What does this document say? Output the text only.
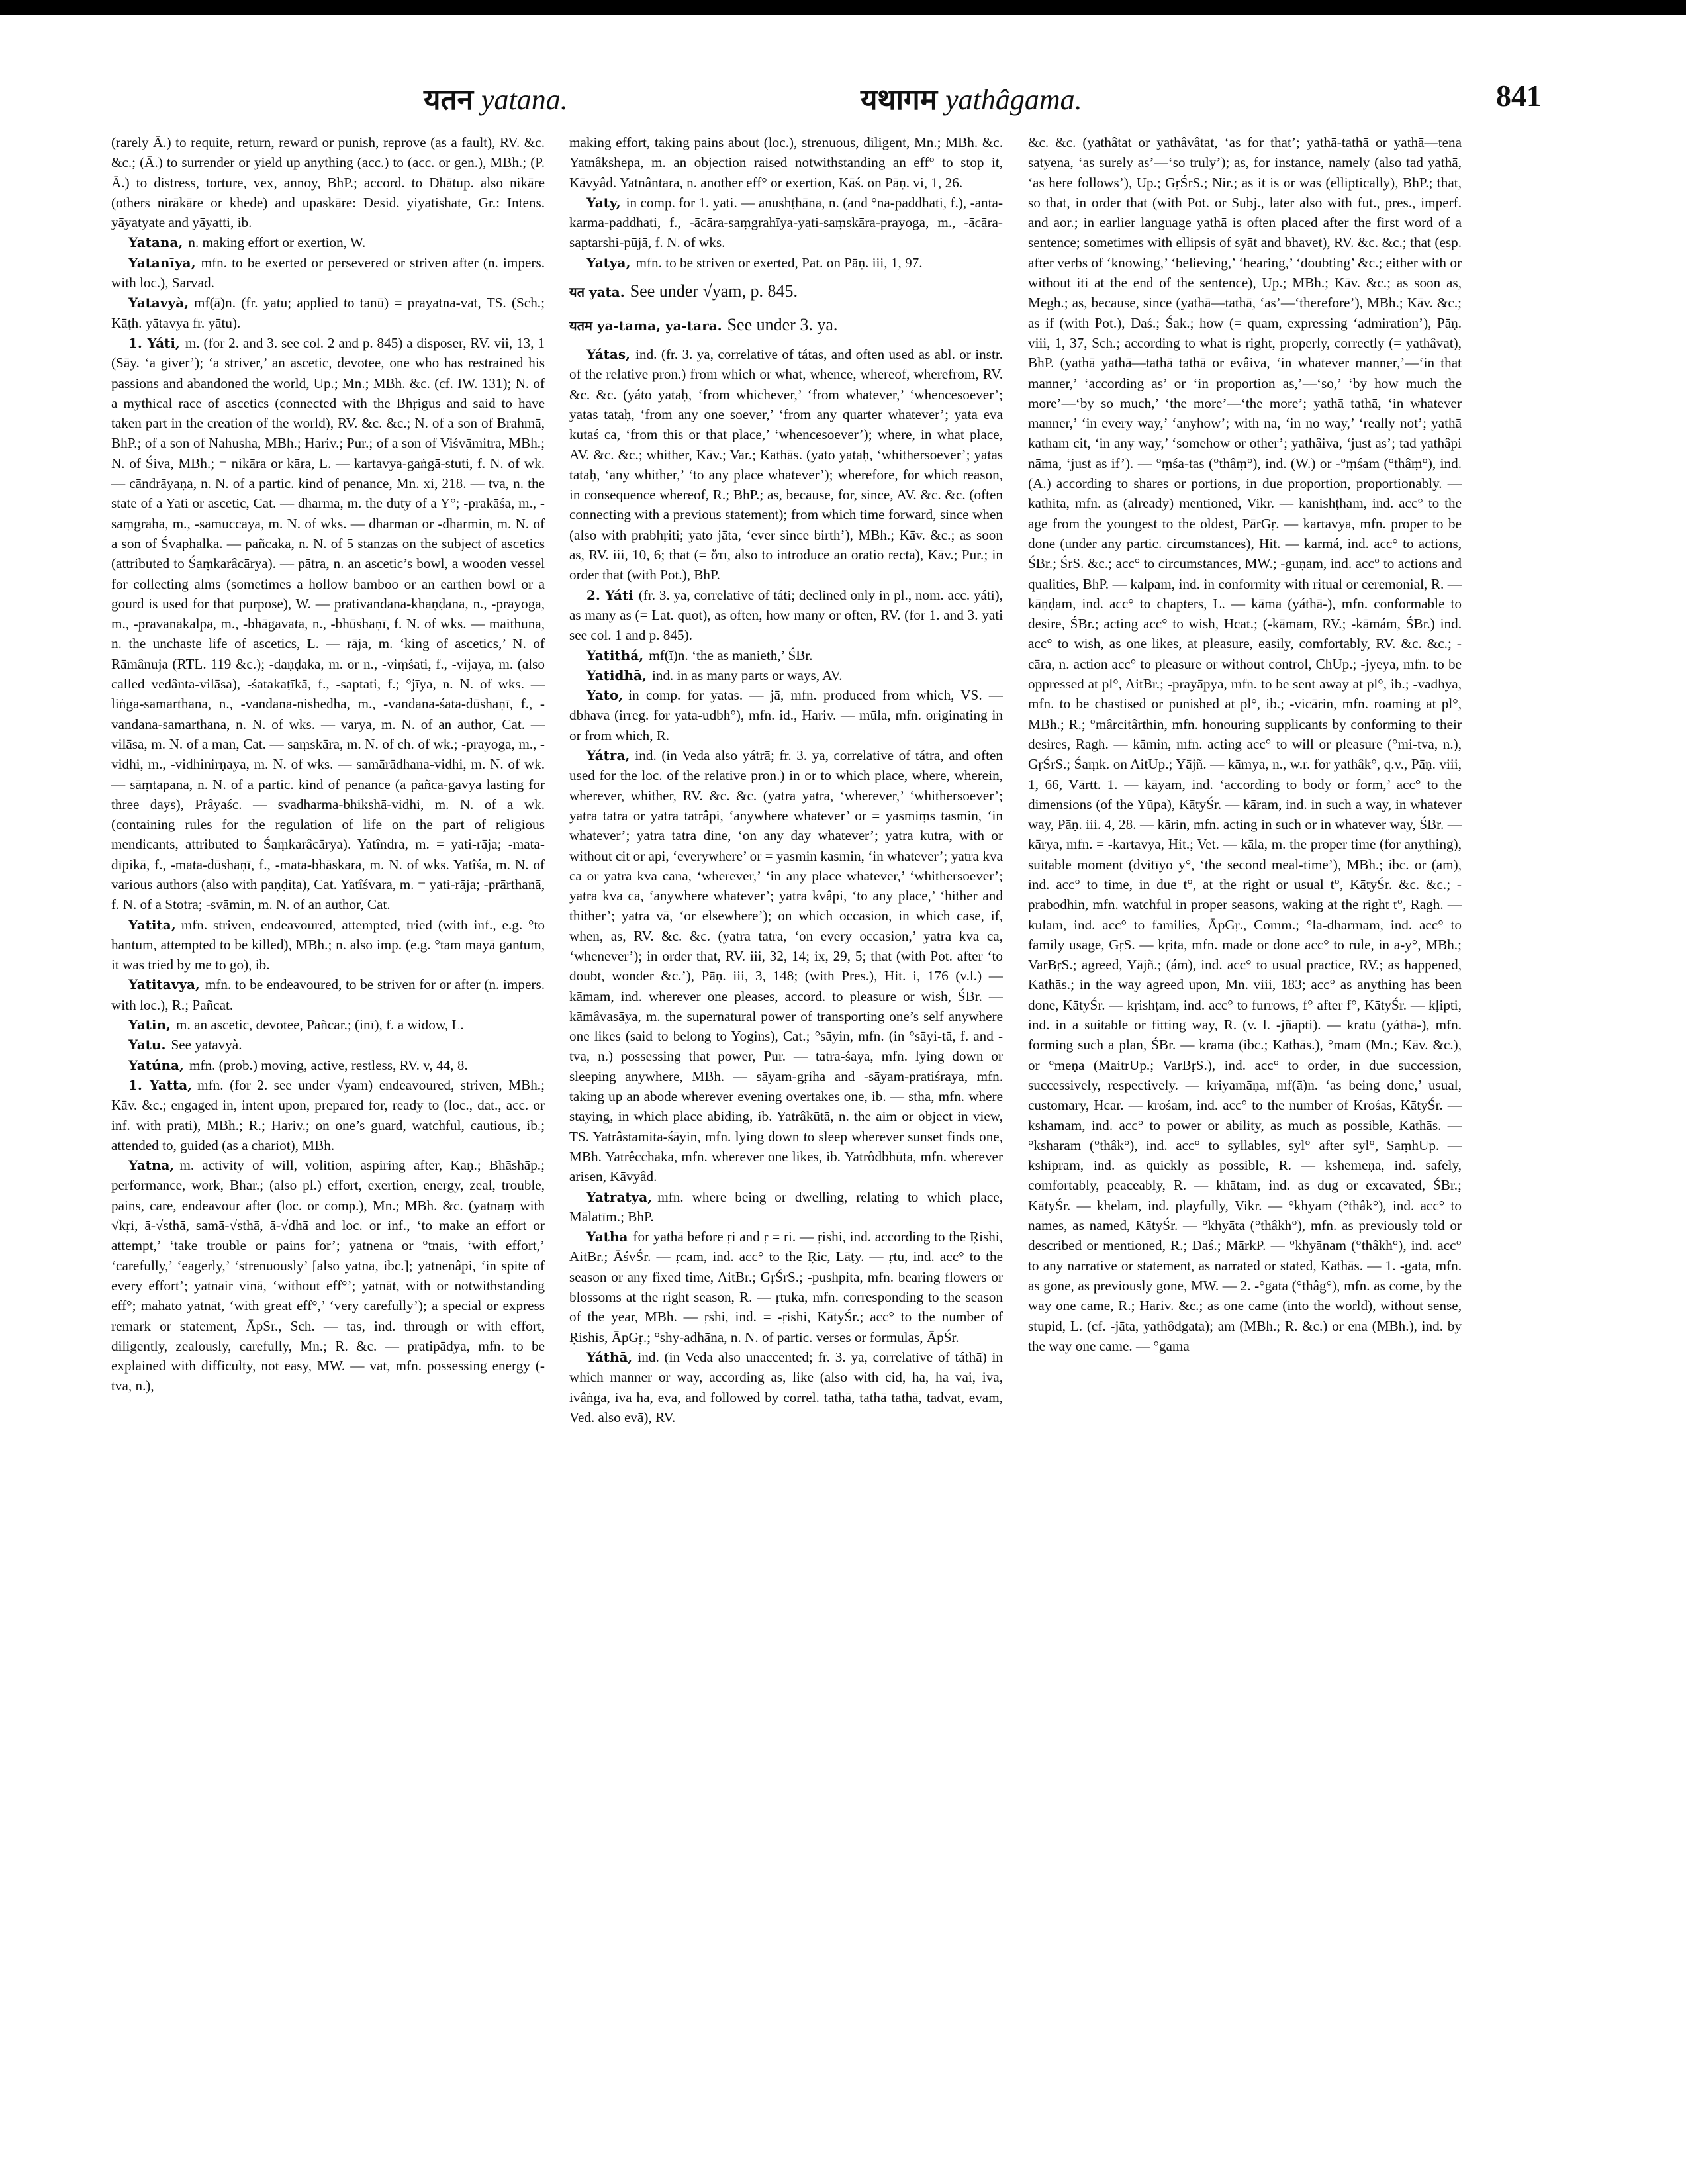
यतन yatana.	यथागम yathâgama.	841

(rarely Ā.) to requite, return, reward or punish, reprove (as a fault), RV. &c. &c.; (Ā.) to surrender or yield up anything (acc.) to (acc. or gen.), MBh.; (P. Ā.) to distress, torture, vex, annoy, BhP.; accord. to Dhātup. also nikāre (others nirākāre or khede) and upaskāre: Desid. yiyatishate, Gr.: Intens. yāyatyate and yāyatti, ib.

Yatana, n. making effort or exertion, W.

Yatanīya, mfn. to be exerted or persevered or striven after (n. impers. with loc.), Sarvad.

Yatavyà, mf(ā)n. (fr. yatu; applied to tanū) = prayatna-vat, TS. (Sch.; Kāṭh. yātavya fr. yātu).

1. Yáti, m. (for 2. and 3. see col. 2 and p. 845) a disposer, RV. vii, 13, 1 (Sāy. ‘a giver’); ‘a striver,’ an ascetic, devotee, one who has restrained his passions and abandoned the world, Up.; Mn.; MBh. &c. (cf. IW. 131); N. of a mythical race of ascetics (connected with the Bhṛigus and said to have taken part in the creation of the world), RV. &c. &c.; N. of a son of Brahmā, BhP.; of a son of Nahusha, MBh.; Hariv.; Pur.; of a son of Viśvāmitra, MBh.; N. of Śiva, MBh.; = nikāra or kāra, L. — kartavya-gaṅgā-stuti, f. N. of wk. — cāndrāyaṇa, n. N. of a partic. kind of penance, Mn. xi, 218. — tva, n. the state of a Yati or ascetic, Cat. — dharma, m. the duty of a Y°; -prakāśa, m., -saṃgraha, m., -samuccaya, m. N. of wks. — dharman or -dharmin, m. N. of a son of Śvaphalka. — pañcaka, n. N. of 5 stanzas on the subject of ascetics (attributed to Śaṃkarâcārya). — pātra, n. an ascetic’s bowl, a wooden vessel for collecting alms (sometimes a hollow bamboo or an earthen bowl or a gourd is used for that purpose), W. — prativandana-khaṇḍana, n., -prayoga, m., -pravanakalpa, m., -bhāgavata, n., -bhūshaṇī, f. N. of wks. — maithuna, n. the unchaste life of ascetics, L. — rāja, m. ‘king of ascetics,’ N. of Rāmânuja (RTL. 119 &c.); -daṇḍaka, m. or n., -viṃśati, f., -vijaya, m. (also called vedânta-vilāsa), -śatakaṭīkā, f., -saptati, f.; °jīya, n. N. of wks. — liṅga-samarthana, n., -vandana-nishedha, m., -vandana-śata-dūshaṇī, f., -vandana-samarthana, n. N. of wks. — varya, m. N. of an author, Cat. — vilāsa, m. N. of a man, Cat. — saṃskāra, m. N. of ch. of wk.; -prayoga, m., -vidhi, m., -vidhinirṇaya, m. N. of wks. — samārādhana-vidhi, m. N. of wk. — sāṃtapana, n. N. of a partic. kind of penance (a pañca-gavya lasting for three days), Prâyaśc. — svadharma-bhikshā-vidhi, m. N. of a wk. (containing rules for the regulation of life on the part of religious mendicants, attributed to Śaṃkarâcārya). Yatîndra, m. = yati-rāja; -mata-dīpikā, f., -mata-dūshaṇī, f., -mata-bhāskara, m. N. of wks. Yatîśa, m. N. of various authors (also with paṇḍita), Cat. Yatîśvara, m. = yati-rāja; -prārthanā, f. N. of a Stotra; -svāmin, m. N. of an author, Cat.

Yatita, mfn. striven, endeavoured, attempted, tried (with inf., e.g. °to hantum, attempted to be killed), MBh.; n. also imp. (e.g. °tam mayā gantum, it was tried by me to go), ib.

Yatitavya, mfn. to be endeavoured, to be striven for or after (n. impers. with loc.), R.; Pañcat.

Yatin, m. an ascetic, devotee, Pañcar.; (inī), f. a widow, L.

Yatu. See yatavyà.

Yatúna, mfn. (prob.) moving, active, restless, RV. v, 44, 8.

1. Yatta, mfn. (for 2. see under √yam) endeavoured, striven, MBh.; Kāv. &c.; engaged in, intent upon, prepared for, ready to (loc., dat., acc. or inf. with prati), MBh.; R.; Hariv.; on one’s guard, watchful, cautious, ib.; attended to, guided (as a chariot), MBh.

Yatna, m. activity of will, volition, aspiring after, Kaṇ.; Bhāshāp.; performance, work, Bhar.; (also pl.) effort, exertion, energy, zeal, trouble, pains, care, endeavour after (loc. or comp.), Mn.; MBh. &c. (yatnaṃ with √kṛi, ā-√sthā, samā-√sthā, ā-√dhā and loc. or inf., ‘to make an effort or attempt,’ ‘take trouble or pains for’; yatnena or °tnais, ‘with effort,’ ‘carefully,’ ‘eagerly,’ ‘strenuously’ [also yatna, ibc.]; yatnenâpi, ‘in spite of every effort’; yatnair vinā, ‘without eff°’; yatnāt, with or notwithstanding eff°; mahato yatnāt, ‘with great eff°,’ ‘very carefully’); a special or express remark or statement, ĀpSr., Sch. — tas, ind. through or with effort, diligently, zealously, carefully, Mn.; R. &c. — pratipādya, mfn. to be explained with difficulty, not easy, MW. — vat, mfn. possessing energy (-tva, n.),

making effort, taking pains about (loc.), strenuous, diligent, Mn.; MBh. &c. Yatnâkshepa, m. an objection raised notwithstanding an eff° to stop it, Kāvyâd. Yatnântara, n. another eff° or exertion, Kāś. on Pāṇ. vi, 1, 26.

Yaty, in comp. for 1. yati. — anushṭhāna, n. (and °na-paddhati, f.), -anta-karma-paddhati, f., -ācāra-saṃgrahīya-yati-saṃskāra-prayoga, m., -ācāra-saptarshi-pūjā, f. N. of wks.

Yatya, mfn. to be striven or exerted, Pat. on Pāṇ. iii, 1, 97.

यत yata. See under √yam, p. 845.

यतम ya-tama, ya-tara. See under 3. ya.

Yátas, ind. (fr. 3. ya, correlative of tátas, and often used as abl. or instr. of the relative pron.) from which or what, whence, whereof, wherefrom, RV. &c. &c. (yáto yataḥ, ‘from whichever,’ ‘from whatever,’ ‘whencesoever’; yatas tataḥ, ‘from any one soever,’ ‘from any quarter whatever’; yata eva kutaś ca, ‘from this or that place,’ ‘whencesoever’); where, in what place, AV. &c. &c.; whither, Kāv.; Var.; Kathās. (yato yataḥ, ‘whithersoever’; yatas tataḥ, ‘any whither,’ ‘to any place whatever’); wherefore, for which reason, in consequence whereof, R.; BhP.; as, because, for, since, AV. &c. &c. (often connecting with a previous statement); from which time forward, since when (also with prabhṛiti; yato jāta, ‘ever since birth’), MBh.; Kāv. &c.; as soon as, RV. iii, 10, 6; that (= ὅτι, also to introduce an oratio recta), Kāv.; Pur.; in order that (with Pot.), BhP.

2. Yáti (fr. 3. ya, correlative of táti; declined only in pl., nom. acc. yáti), as many as (= Lat. quot), as often, how many or often, RV. (for 1. and 3. yati see col. 1 and p. 845).

Yatithá, mf(ī)n. ‘the as manieth,’ ŚBr.

Yatidhā, ind. in as many parts or ways, AV.

Yato, in comp. for yatas. — jā, mfn. produced from which, VS. — dbhava (irreg. for yata-udbh°), mfn. id., Hariv. — mūla, mfn. originating in or from which, R.

Yátra, ind. (in Veda also yátrā; fr. 3. ya, correlative of tátra, and often used for the loc. of the relative pron.) in or to which place, where, wherein, wherever, whither, RV. &c. &c. (yatra yatra, ‘wherever,’ ‘whithersoever’; yatra tatra or yatra tatrâpi, ‘anywhere whatever’ or = yasmiṃs tasmin, ‘in whatever’; yatra tatra dine, ‘on any day whatever’; yatra kutra, with or without cit or api, ‘everywhere’ or = yasmin kasmin, ‘in whatever’; yatra kva ca or yatra kva cana, ‘wherever,’ ‘in any place whatever,’ ‘whithersoever’; yatra kva ca, ‘anywhere whatever’; yatra kvâpi, ‘to any place,’ ‘hither and thither’; yatra vā, ‘or elsewhere’); on which occasion, in which case, if, when, as, RV. &c. &c. (yatra tatra, ‘on every occasion,’ yatra kva ca, ‘whenever’); in order that, RV. iii, 32, 14; ix, 29, 5; that (with Pot. after ‘to doubt, wonder &c.’), Pāṇ. iii, 3, 148; (with Pres.), Hit. i, 176 (v.l.) — kāmam, ind. wherever one pleases, accord. to pleasure or wish, ŚBr. — kāmâvasāya, m. the supernatural power of transporting one’s self anywhere one likes (said to belong to Yogins), Cat.; °sāyin, mfn. (in °sāyi-tā, f. and -tva, n.) possessing that power, Pur. — tatra-śaya, mfn. lying down or sleeping anywhere, MBh. — sāyam-gṛiha and -sāyam-pratiśraya, mfn. taking up an abode wherever evening overtakes one, ib. — stha, mfn. where staying, in which place abiding, ib. Yatrâkūtā, n. the aim or object in view, TS. Yatrâstamita-śāyin, mfn. lying down to sleep wherever sunset finds one, MBh. Yatrêcchaka, mfn. wherever one likes, ib. Yatrôdbhūta, mfn. wherever arisen, Kāvyâd.

Yatratya, mfn. where being or dwelling, relating to which place, Mālatīm.; BhP.

Yatha for yathā before ṛi and ṛ = ri. — ṛishi, ind. according to the Ṛishi, AitBr.; ĀśvŚr. — ṛcam, ind. acc° to the Ṛic, Lāṭy. — ṛtu, ind. acc° to the season or any fixed time, AitBr.; GṛŚrS.; -pushpita, mfn. bearing flowers or blossoms at the right season, R. — ṛtuka, mfn. corresponding to the season of the year, MBh. — ṛshi, ind. = -ṛishi, KātyŚr.; acc° to the number of Ṛishis, ĀpGṛ.; °shy-adhāna, n. N. of partic. verses or formulas, ĀpŚr.

Yáthā, ind. (in Veda also unaccented; fr. 3. ya, correlative of táthā) in which manner or way, according as, like (also with cid, ha, ha vai, iva, ivâṅga, iva ha, eva, and followed by correl. tathā, tathā tathā, tadvat, evam, Ved. also evā), RV.

&c. &c. (yathâtat or yathâvâtat, ‘as for that’; yathā-tathā or yathā—tena satyena, ‘as surely as’—‘so truly’); as, for instance, namely (also tad yathā, ‘as here follows’), Up.; GṛŚrS.; Nir.; as it is or was (elliptically), BhP.; that, so that, in order that (with Pot. or Subj., later also with fut., pres., imperf. and aor.; in earlier language yathā is often placed after the first word of a sentence; sometimes with ellipsis of syāt and bhavet), RV. &c. &c.; that (esp. after verbs of ‘knowing,’ ‘believing,’ ‘hearing,’ ‘doubting’ &c.; either with or without iti at the end of the sentence), Up.; MBh.; Kāv. &c.; as soon as, Megh.; as, because, since (yathā—tathā, ‘as’—‘therefore’), MBh.; Kāv. &c.; as if (with Pot.), Daś.; Śak.; how (= quam, expressing ‘admiration’), Pāṇ. viii, 1, 37, Sch.; according to what is right, properly, correctly (= yathâvat), BhP. (yathā yathā—tathā tathā or evâiva, ‘in whatever manner,’—‘in that manner,’ ‘according as’ or ‘in proportion as,’—‘so,’ ‘by how much the more’—‘by so much,’ ‘the more’—‘the more’; yathā tathā, ‘in whatever manner,’ ‘in every way,’ ‘anyhow’; with na, ‘in no way,’ ‘really not’; yathā katham cit, ‘in any way,’ ‘somehow or other’; yathâiva, ‘just as’; tad yathâpi nāma, ‘just as if’). — °ṃśa-tas (°thâṃ°), ind. (W.) or -°ṃśam (°thâṃ°), ind. (A.) according to shares or portions, in due proportion, proportionably. — kathita, mfn. as (already) mentioned, Vikr. — kanishṭham, ind. acc° to the age from the youngest to the oldest, PārGṛ. — kartavya, mfn. proper to be done (under any partic. circumstances), Hit. — karmá, ind. acc° to actions, ŚBr.; ŚrS. &c.; acc° to circumstances, MW.; -guṇam, ind. acc° to actions and qualities, BhP. — kalpam, ind. in conformity with ritual or ceremonial, R. — kāṇḍam, ind. acc° to chapters, L. — kāma (yáthā-), mfn. conformable to desire, ŚBr.; acting acc° to wish, Hcat.; (-kāmam, RV.; -kāmám, ŚBr.) ind. acc° to wish, as one likes, at pleasure, easily, comfortably, RV. &c. &c.; -cāra, n. action acc° to pleasure or without control, ChUp.; -jyeya, mfn. to be oppressed at pl°, AitBr.; -prayāpya, mfn. to be sent away at pl°, ib.; -vadhya, mfn. to be chastised or punished at pl°, ib.; -vicārin, mfn. roaming at pl°, MBh.; R.; °mârcitârthin, mfn. honouring supplicants by conforming to their desires, Ragh. — kāmin, mfn. acting acc° to will or pleasure (°mi-tva, n.), GṛŚrS.; Śaṃk. on AitUp.; Yājñ. — kāmya, n., w.r. for yathâk°, q.v., Pāṇ. viii, 1, 66, Vārtt. 1. — kāyam, ind. ‘according to body or form,’ acc° to the dimensions (of the Yūpa), KātyŚr. — kāram, ind. in such a way, in whatever way, Pāṇ. iii. 4, 28. — kārin, mfn. acting in such or in whatever way, ŚBr. — kārya, mfn. = -kartavya, Hit.; Vet. — kāla, m. the proper time (for anything), suitable moment (dvitīyo y°, ‘the second meal-time’), MBh.; ibc. or (am), ind. acc° to time, in due t°, at the right or usual t°, KātyŚr. &c. &c.; -prabodhin, mfn. watchful in proper seasons, waking at the right t°, Ragh. — kulam, ind. acc° to families, ĀpGṛ., Comm.; °la-dharmam, ind. acc° to family usage, GṛS. — kṛita, mfn. made or done acc° to rule, in a-y°, MBh.; VarBṛS.; agreed, Yājñ.; (ám), ind. acc° to usual practice, RV.; as happened, Kathās.; in the way agreed upon, Mn. viii, 183; acc° as anything has been done, KātyŚr. — kṛishṭam, ind. acc° to furrows, f° after f°, KātyŚr. — kḷipti, ind. in a suitable or fitting way, R. (v. l. -jñapti). — kratu (yáthā-), mfn. forming such a plan, ŚBr. — krama (ibc.; Kathās.), °mam (Mn.; Kāv. &c.), or °meṇa (MaitrUp.; VarBṛS.), ind. acc° to order, in due succession, successively, respectively. — kriyamāṇa, mf(ā)n. ‘as being done,’ usual, customary, Hcar. — krośam, ind. acc° to the number of Krośas, KātyŚr. — kshamam, ind. acc° to power or ability, as much as possible, Kathās. — °ksharam (°thâk°), ind. acc° to syllables, syl° after syl°, SaṃhUp. — kshipram, ind. as quickly as possible, R. — kshemeṇa, ind. safely, comfortably, peaceably, R. — khātam, ind. as dug or excavated, ŚBr.; KātyŚr. — khelam, ind. playfully, Vikr. — °khyam (°thâk°), ind. acc° to names, as named, KātyŚr. — °khyāta (°thâkh°), mfn. as previously told or described or mentioned, R.; Daś.; MārkP. — °khyānam (°thâkh°), ind. acc° to any narrative or statement, as narrated or stated, Kathās. — 1. -gata, mfn. as gone, as previously gone, MW. — 2. -°gata (°thâg°), mfn. as come, by the way one came, R.; Hariv. &c.; as one came (into the world), without sense, stupid, L. (cf. -jāta, yathôdgata); am (MBh.; R. &c.) or ena (MBh.), ind. by the way one came. — °gama
